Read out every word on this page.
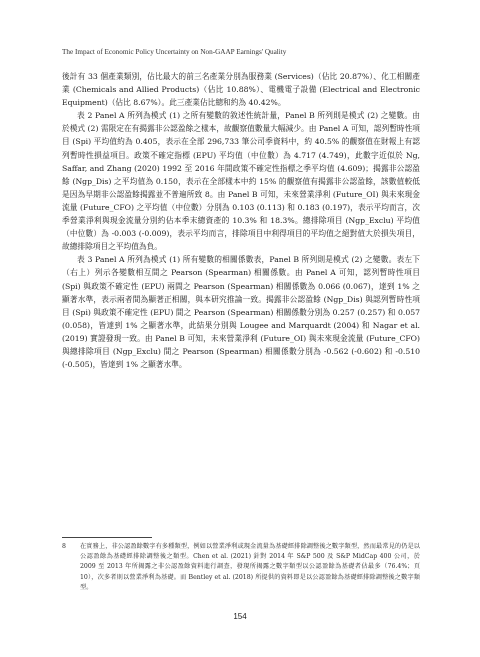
The Impact of Economic Policy Uncertainty on Non-GAAP Earnings' Quality

後計有 33 個產業類別，佔比最大的前三名產業分別為服務業 (Services)（佔比 20.87%）、化工相關產業 (Chemicals and Allied Products)（佔比 10.88%）、電機電子設備 (Electrical and Electronic Equipment)（佔比 8.67%）。此三產業佔比總和約為 40.42%。

表 2 Panel A 所列為模式 (1) 之所有變數的敘述性統計量，Panel B 所列則是模式 (2) 之變數。由於模式 (2) 需限定在有揭露非公認盈餘之樣本，故觀察值數量大幅減少。由 Panel A 可知，認列暫時性項目 (Spi) 平均值約為 0.405，表示在全部 296,733 筆公司季資料中，約 40.5% 的觀察值在財報上有認列暫時性損益項目。政策不確定指標 (EPU) 平均值（中位數）為 4.717 (4.749)，此數字近似於 Ng, Saffar, and Zhang (2020) 1992 至 2016 年間政策不確定性指標之季平均值 (4.609)；揭露非公認盈餘 (Ngp_Dis) 之平均值為 0.150，表示在全部樣本中約 15% 的觀察值有揭露非公認盈餘，該數值較低是因為早期非公認盈餘揭露並不普遍所致 8。由 Panel B 可知，未來營業淨利 (Future_OI) 與未來現金流量 (Future_CFO) 之平均值（中位數）分別為 0.103 (0.113) 和 0.183 (0.197)，表示平均而言，次季營業淨利與現金流量分別約佔本季末總資產的 10.3% 和 18.3%。總排除項目 (Ngp_Exclu) 平均值（中位數）為 -0.003 (-0.009)，表示平均而言，排除項目中利得項目的平均值之絕對值大於損失項目，故總排除項目之平均值為負。

表 3 Panel A 所列為模式 (1) 所有變數的相關係數表，Panel B 所列則是模式 (2) 之變數。表左下（右上）列示各變數相互間之 Pearson (Spearman) 相關係數。由 Panel A 可知，認列暫時性項目 (Spi) 與政策不確定性 (EPU) 兩間之 Pearson (Spearman) 相關係數為 0.066 (0.067)，達到 1% 之顯著水準，表示兩者間為顯著正相關，與本研究推論一致。揭露非公認盈餘 (Ngp_Dis) 與認列暫時性項目 (Spi) 與政策不確定性 (EPU) 間之 Pearson (Spearman) 相關係數分別為 0.257 (0.257) 和 0.057 (0.058)，皆達到 1% 之顯著水準，此結果分別與 Lougee and Marquardt (2004) 和 Nagar et al. (2019) 實證發現一致。由 Panel B 可知，未來營業淨利 (Future_OI) 與未來現金流量 (Future_CFO) 與總排除項目 (Ngp_Exclu) 間之 Pearson (Spearman) 相關係數分別為 -0.562 (-0.602) 和 -0.510 (-0.505)，皆達到 1% 之顯著水準。

8	在實務上，非公認盈餘數字有多種類型，例如以營業淨利或現金流量為基礎經排除調整後之數字類型，然而最常見的仍是以公認盈餘為基礎經排除調整後之類型。Chen et al. (2021) 針對 2014 年 S&P 500 及 S&P MidCap 400 公司，於 2009 至 2013 年所揭露之非公認盈餘資料進行調查，發現所揭露之數字類型以公認盈餘為基礎者佔最多（76.4%；頁 10），次多者則以營業淨利為基礎。而 Bentley et al. (2018) 所提供的資料即是以公認盈餘為基礎經排除調整後之數字類型。
154
